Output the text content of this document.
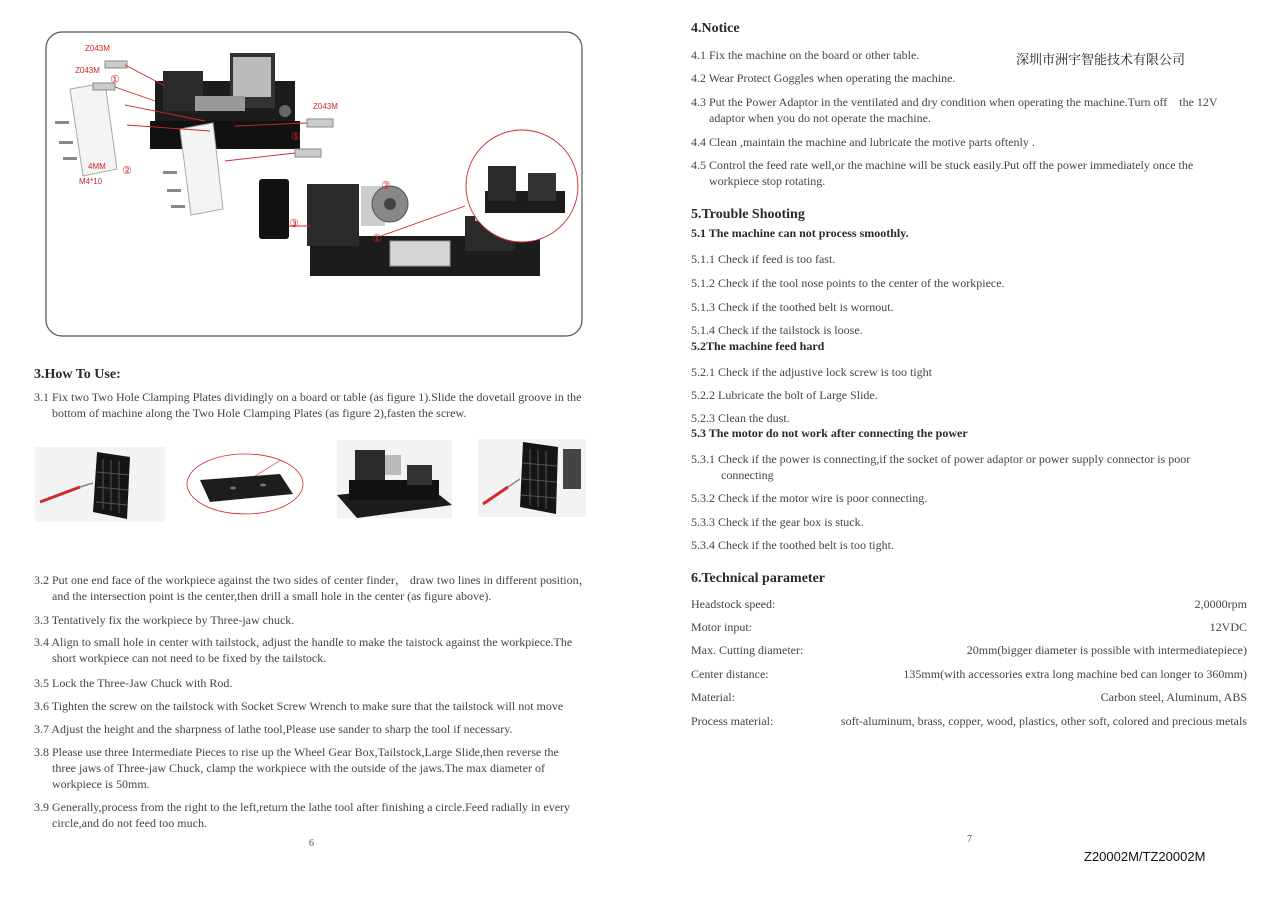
Z043M
Z043M
Z043M
①
②
①
②
①
③
4MM
M4*10
3.How To Use:
3.1 Fix two Two Hole Clamping Plates dividingly on a board or table (as figure 1).Slide the dovetail groove in the
bottom of machine along the Two Hole Clamping Plates (as figure 2),fasten the screw.
3.2 Put one end face of the workpiece against the two sides of center finder， draw two lines in different position，
and the intersection point is the center,then drill a small hole in the center (as figure above).
3.3 Tentatively fix the workpiece by Three-jaw chuck.
3.4 Align to small hole in center with tailstock, adjust the handle to make the taistock against the workpiece.The
short workpiece can not need to be fixed by the tailstock.
3.5 Lock the Three-Jaw Chuck with Rod.
3.6 Tighten the screw on the tailstock with Socket Screw Wrench to make sure that the tailstock will not move
3.7 Adjust the height and the sharpness of lathe tool,Please use sander to sharp the tool if necessary.
3.8 Please use three Intermediate Pieces to rise up the Wheel Gear Box,Tailstock,Large Slide,then reverse the
three jaws of Three-jaw Chuck, clamp the workpiece with the outside of the jaws.The max diameter of
workpiece is 50mm.
3.9 Generally,process from the right to the left,return the lathe tool after finishing a circle.Feed radially in every
circle,and do not feed too much.
6
4.Notice
深圳市洲宇智能技术有限公司
4.1 Fix the machine on the board or other table.
4.2 Wear Protect Goggles when operating the machine.
4.3 Put the Power Adaptor in the ventilated and dry condition when operating the machine.Turn off    the 12V
adaptor when you do not operate the machine.
4.4 Clean ,maintain the machine and lubricate the motive parts oftenly .
4.5 Control the feed rate well,or the machine will be stuck easily.Put off the power immediately once the
workpiece stop rotating.
5.Trouble Shooting
5.1 The machine can not process smoothly.
5.1.1 Check if feed is too fast.
5.1.2 Check if the tool nose points to the center of the workpiece.
5.1.3 Check if the toothed belt is wornout.
5.1.4 Check if the tailstock is loose.
5.2The machine feed hard
5.2.1 Check if the adjustive lock screw is too tight
5.2.2 Lubricate the bolt of Large Slide.
5.2.3 Clean the dust.
5.3 The motor do not work after connecting the power
5.3.1 Check if the power is connecting,if the socket of power adaptor or power supply connector is poor
connecting
5.3.2 Check if the motor wire is poor connecting.
5.3.3 Check if the gear box is stuck.
5.3.4 Check if the toothed belt is too tight.
6.Technical parameter
Headstock speed:	2,0000rpm
Motor input:	12VDC
Max. Cutting diameter:	20mm(bigger diameter is possible with intermediatepiece)
Center distance:	135mm(with accessories extra long machine bed can longer to 360mm)
Material:	Carbon steel, Aluminum, ABS
Process material:	soft-aluminum, brass, copper, wood, plastics, other soft, colored and precious metals
7
Z20002M/TZ20002M
